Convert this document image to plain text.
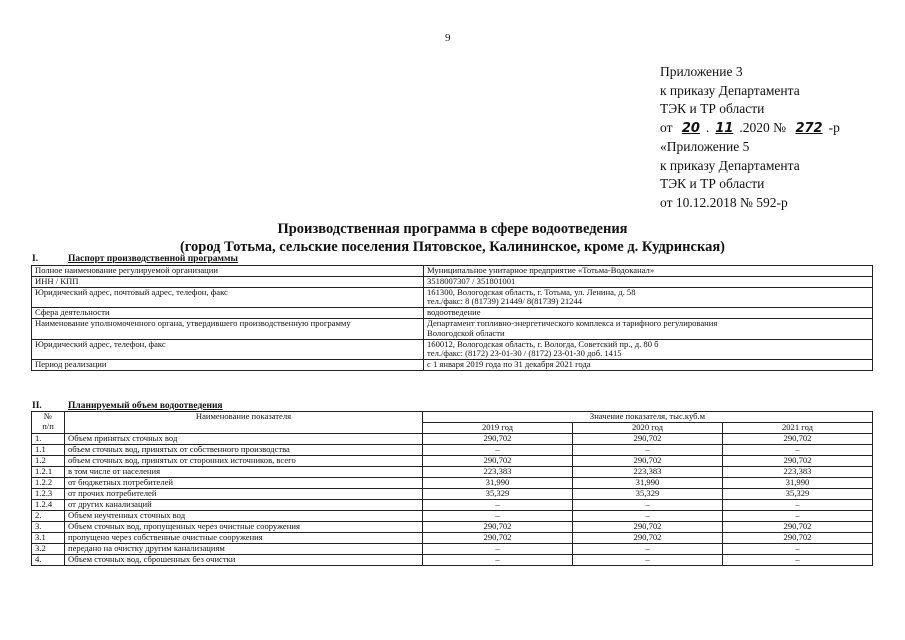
9
Приложение 3
к приказу Департамента
ТЭК и ТР области
от 20 . 11 .2020 № 272 -р
«Приложение 5
к приказу Департамента
ТЭК и ТР области
от 10.12.2018 № 592-р
Производственная программа в сфере водоотведения
(город Тотьма, сельские поселения Пятовское, Калининское, кроме д. Кудринская)
I.	Паспорт производственной программы
Полное наименование регулируемой организации	Муниципальное унитарное предприятие «Тотьма-Водоканал»

ИНН / КПП	3518007307 / 351801001

Юридический адрес, почтовый адрес, телефон, факс	161300, Вологодская область, г. Тотьма, ул. Ленина, д. 58
тел./факс: 8 (81739) 21449/ 8(81739) 21244

Сфера деятельности	водоотведение

Наименование уполномоченного органа, утвердившего производственную программу	Департамент топливно-энергетического комплекса и тарифного регулирования
Вологодской области

Юридический адрес, телефон, факс	160012, Вологодская область, г. Вологда, Советский пр., д. 80 б
тел./факс: (8172) 23-01-30 / (8172) 23-01-30 доб. 1415

Период реализации	с 1 января 2019 года по 31 декабря 2021 года
II.	Планируемый объем водоотведения
№
п/п	Наименование показателя	Значение показателя, тыс.куб.м		
		2019 год	2020 год	2021 год
1.	Объем принятых сточных вод	290,702	290,702	290,702
1.1	объем сточных вод, принятых от собственного производства	–	–	–
1.2	объем сточных вод, принятых от сторонних источников, всего	290,702	290,702	290,702
1.2.1	в том числе от населения	223,383	223,383	223,383
1.2.2	от бюджетных потребителей	31,990	31,990	31,990
1.2.3	от прочих потребителей	35,329	35,329	35,329
1.2.4	от других канализаций	–	–	–
2.	Объем неучтенных сточных вод	–	–	–
3.	Объем сточных вод, пропущенных через очистные сооружения	290,702	290,702	290,702
3.1	пропущено через собственные очистные сооружения	290,702	290,702	290,702
3.2	передано на очистку другим канализациям	–	–	–
4.	Объем сточных вод, сброшенных без очистки	–	–	–
